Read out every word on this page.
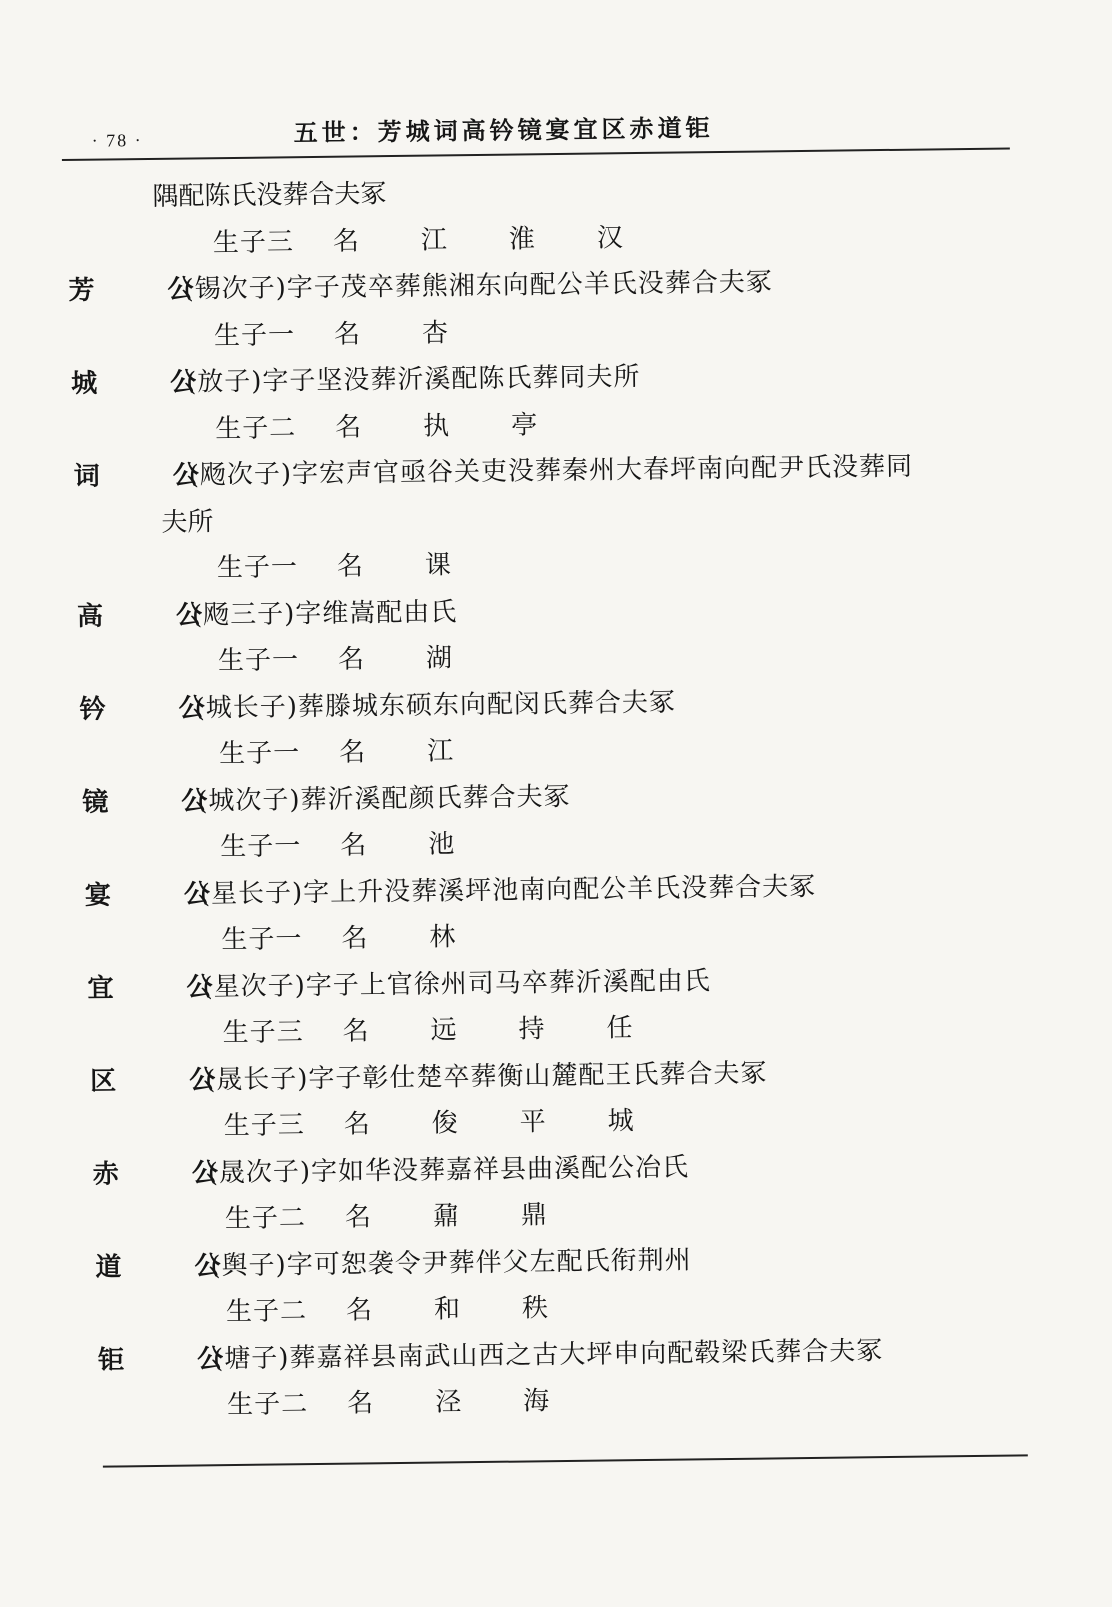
· 78 ·	五世：芳城词高钤镜宴宜区赤道钜
隅配陈氏没葬合夫冢
生子三 名 江 淮 汉
芳 公
(锡次子)字子茂卒葬熊湘东向配公羊氏没葬合夫冢
生子一 名 杏
城 公
(放子)字子坚没葬沂溪配陈氏葬同夫所
生子二 名 执 亭
词 公
(飏次子)字宏声官亟谷关吏没葬秦州大春坪南向配尹氏没葬同
夫所
生子一 名 课
高 公
(飏三子)字维嵩配由氏
生子一 名 湖
钤 公
(城长子)葬滕城东硕东向配闵氏葬合夫冢
生子一 名 江
镜 公
(城次子)葬沂溪配颜氏葬合夫冢
生子一 名 池
宴 公
(星长子)字上升没葬溪坪池南向配公羊氏没葬合夫冢
生子一 名 林
宜 公
(星次子)字子上官徐州司马卒葬沂溪配由氏
生子三 名 远 持 任
区 公
(晟长子)字子彰仕楚卒葬衡山麓配王氏葬合夫冢
生子三 名 俊 平 城
赤 公
(晟次子)字如华没葬嘉祥县曲溪配公冶氏
生子二 名 鼐 鼎
道 公
(舆子)字可恕袭令尹葬伴父左配氏衔荆州
生子二 名 和 秩
钜 公
(塘子)葬嘉祥县南武山西之古大坪申向配毂梁氏葬合夫冢
生子二 名 泾 海
